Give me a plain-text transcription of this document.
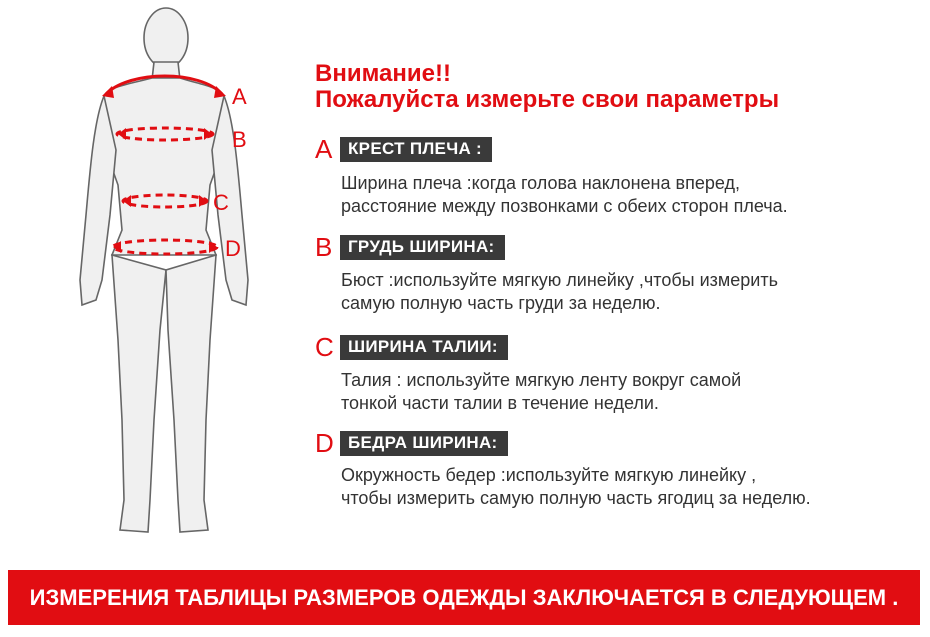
A
B
C
D
Внимание!!
Пожалуйста измерьте свои параметры
A КРЕСТ ПЛЕЧА :
Ширина плеча :когда голова наклонена вперед,
расстояние между позвонками с обеих сторон плеча.
B ГРУДЬ ШИРИНА:
Бюст :используйте мягкую линейку ,чтобы измерить
самую полную часть груди за неделю.
C ШИРИНА ТАЛИИ:
Талия : используйте мягкую ленту вокруг самой
тонкой части талии в течение недели.
D БЕДРА ШИРИНА:
Окружность бедер :используйте мягкую линейку ,
чтобы измерить самую полную часть ягодиц за неделю.
ИЗМЕРЕНИЯ ТАБЛИЦЫ РАЗМЕРОВ ОДЕЖДЫ ЗАКЛЮЧАЕТСЯ В СЛЕДУЮЩЕМ .
